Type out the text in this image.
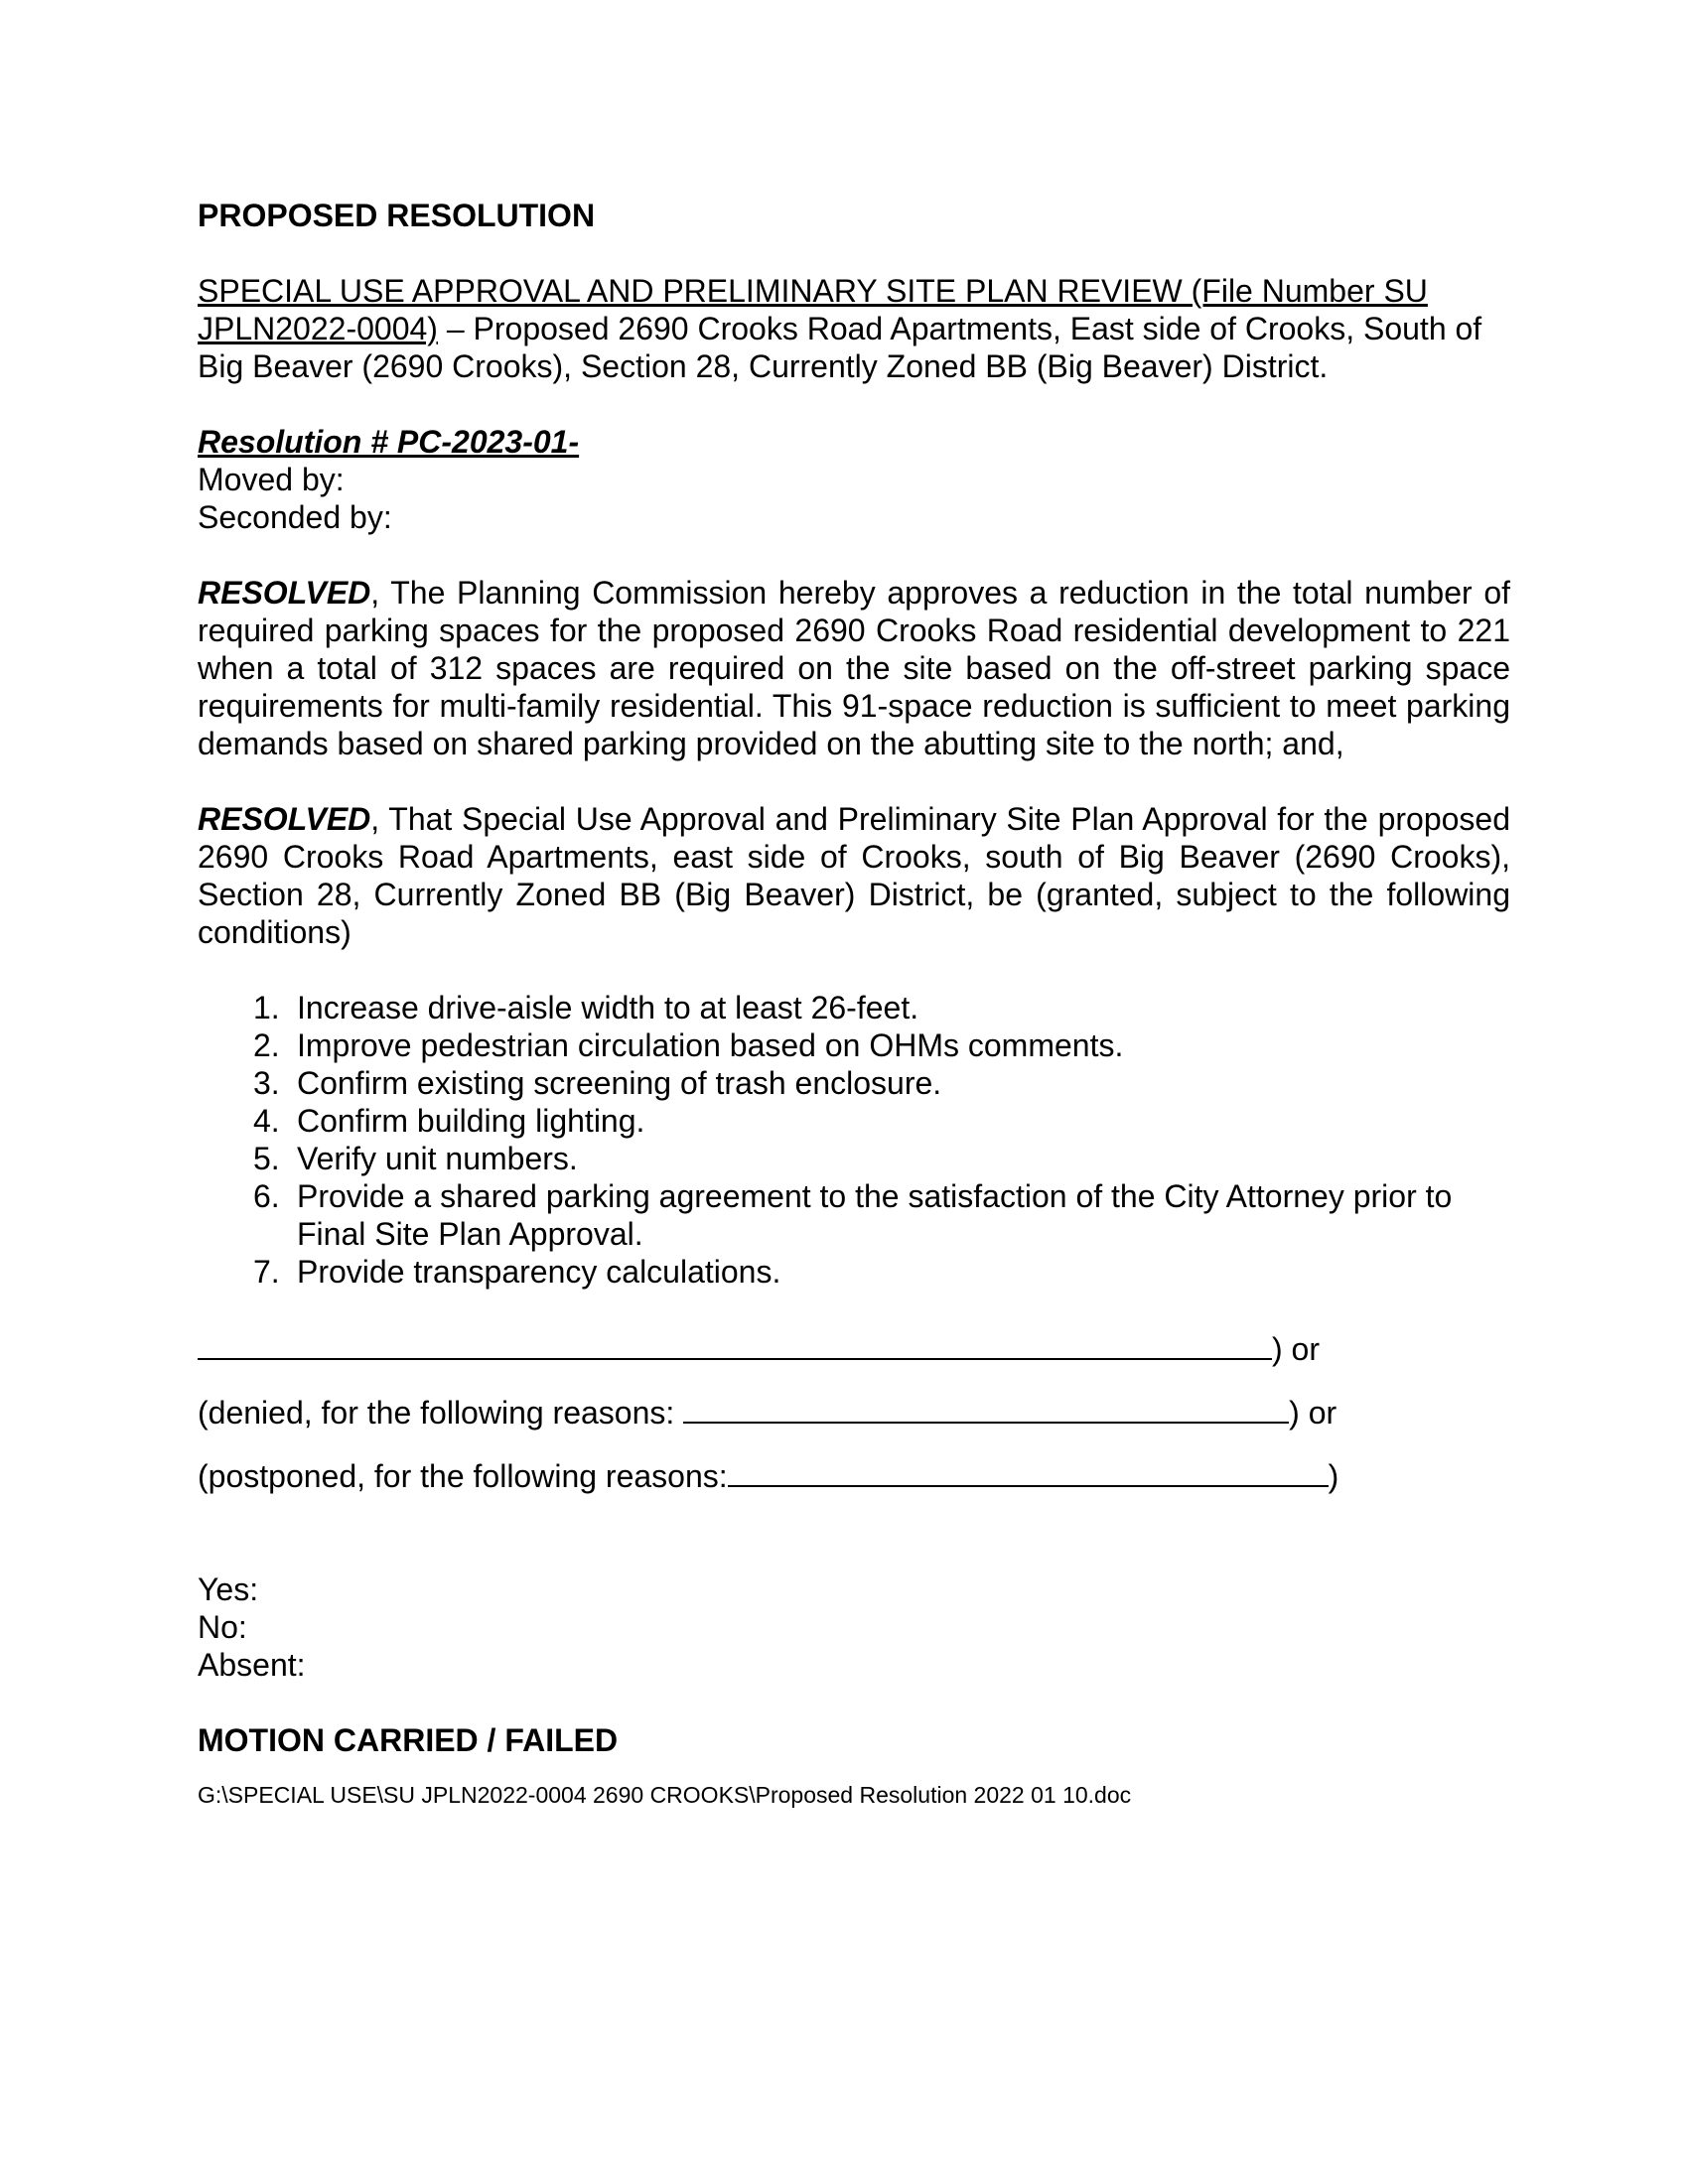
PROPOSED RESOLUTION

SPECIAL USE APPROVAL AND PRELIMINARY SITE PLAN REVIEW (File Number SU JPLN2022-0004) – Proposed 2690 Crooks Road Apartments, East side of Crooks, South of Big Beaver (2690 Crooks), Section 28, Currently Zoned BB (Big Beaver) District.
Resolution # PC-2023-01-
Moved by:
Seconded by:
RESOLVED, The Planning Commission hereby approves a reduction in the total number of required parking spaces for the proposed 2690 Crooks Road residential development to 221 when a total of 312 spaces are required on the site based on the off-street parking space requirements for multi-family residential. This 91-space reduction is sufficient to meet parking demands based on shared parking provided on the abutting site to the north; and,
RESOLVED, That Special Use Approval and Preliminary Site Plan Approval for the proposed 2690 Crooks Road Apartments, east side of Crooks, south of Big Beaver (2690 Crooks), Section 28, Currently Zoned BB (Big Beaver) District, be (granted, subject to the following conditions)
1. Increase drive-aisle width to at least 26-feet.
2. Improve pedestrian circulation based on OHMs comments.
3. Confirm existing screening of trash enclosure.
4. Confirm building lighting.
5. Verify unit numbers.
6. Provide a shared parking agreement to the satisfaction of the City Attorney prior to Final Site Plan Approval.
7. Provide transparency calculations.
) or
(denied, for the following reasons:	) or
(postponed, for the following reasons:	)
Yes:
No:
Absent:
MOTION CARRIED / FAILED
G:\SPECIAL USE\SU JPLN2022-0004 2690 CROOKS\Proposed Resolution 2022 01 10.doc
